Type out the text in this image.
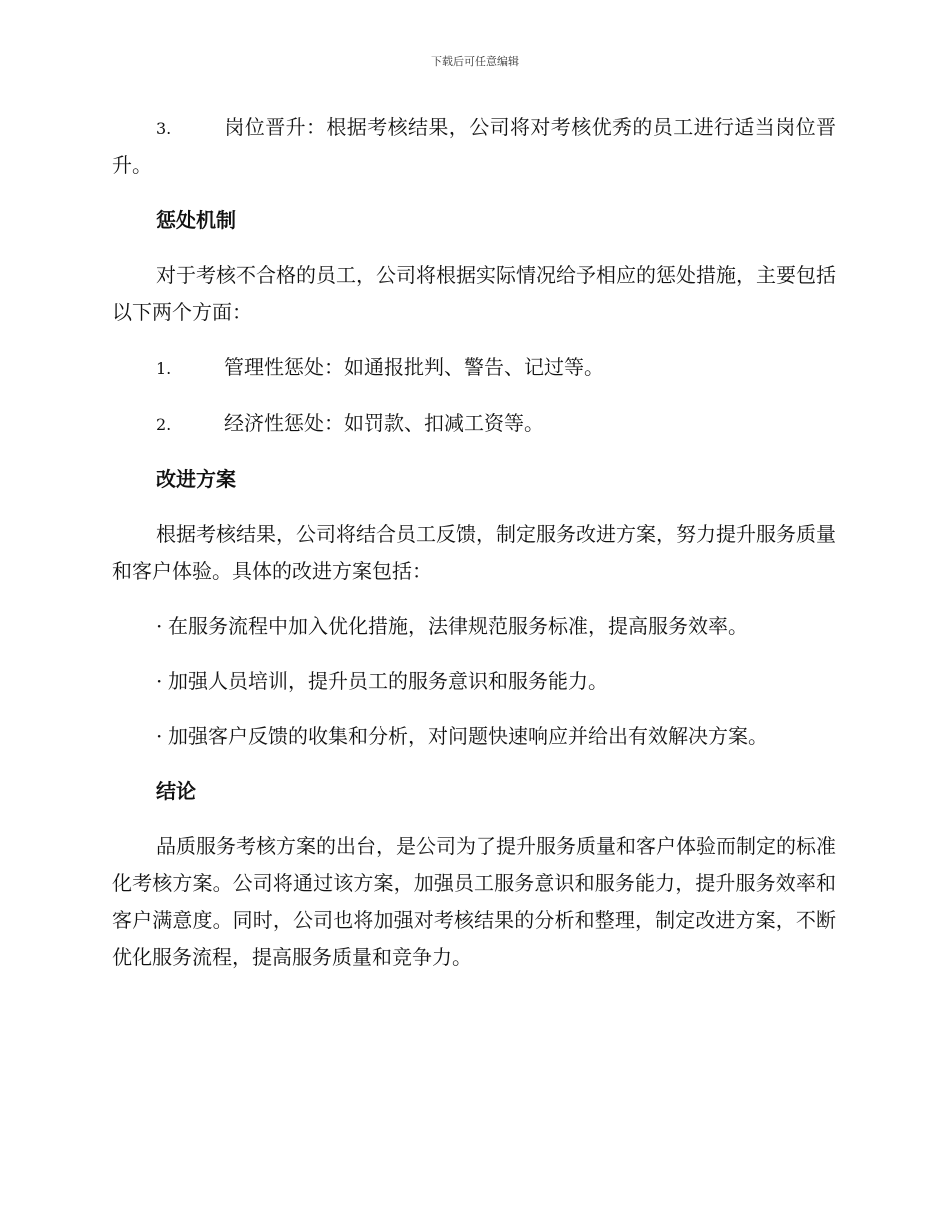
下载后可任意编辑

3.	岗位晋升：根据考核结果，公司将对考核优秀的员工进行适当岗位晋升。

惩处机制

对于考核不合格的员工，公司将根据实际情况给予相应的惩处措施，主要包括以下两个方面：

1.	管理性惩处：如通报批判、警告、记过等。

2.	经济性惩处：如罚款、扣减工资等。

改进方案

根据考核结果，公司将结合员工反馈，制定服务改进方案，努力提升服务质量和客户体验。具体的改进方案包括：

· 在服务流程中加入优化措施，法律规范服务标准，提高服务效率。

· 加强人员培训，提升员工的服务意识和服务能力。

· 加强客户反馈的收集和分析，对问题快速响应并给出有效解决方案。

结论

品质服务考核方案的出台，是公司为了提升服务质量和客户体验而制定的标准化考核方案。公司将通过该方案，加强员工服务意识和服务能力，提升服务效率和客户满意度。同时，公司也将加强对考核结果的分析和整理，制定改进方案，不断优化服务流程，提高服务质量和竞争力。
